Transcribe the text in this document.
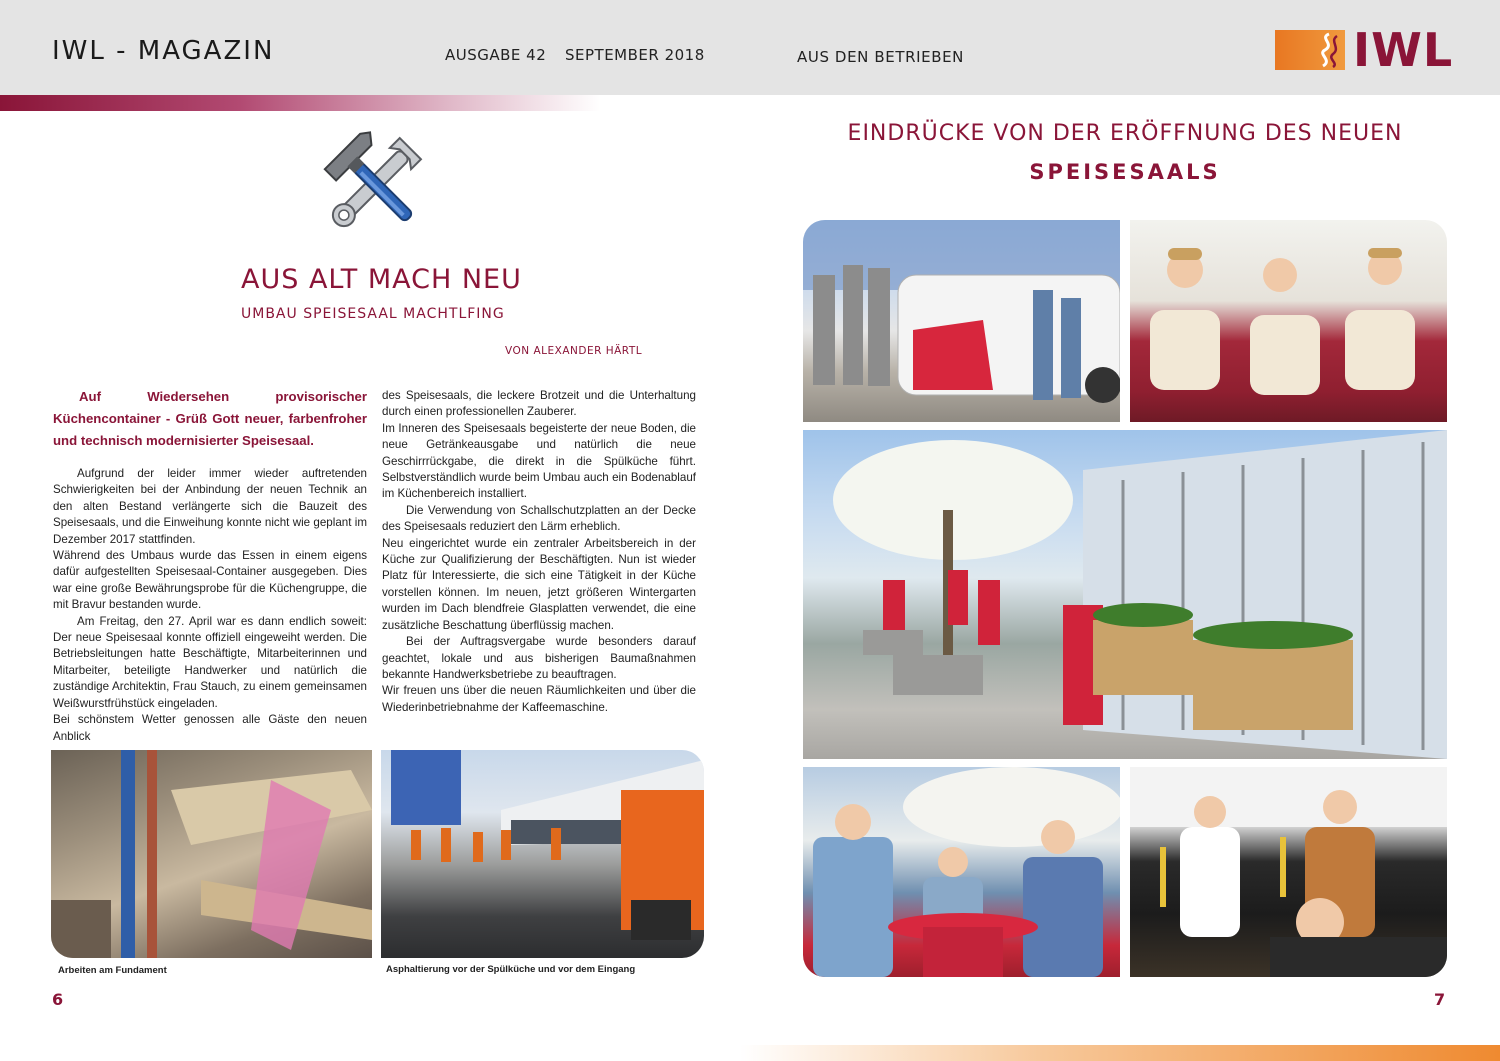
IWL - MAGAZIN	AUSGABE 42 SEPTEMBER 2018	AUS DEN BETRIEBEN	IWL
AUS ALT MACH NEU
UMBAU SPEISESAAL MACHTLFING
VON ALEXANDER HÄRTL
Auf Wiedersehen provisorischer Küchencontainer - Grüß Gott neuer, farbenfroher und technisch modernisierter Speisesaal.

Aufgrund der leider immer wieder auftretenden Schwierigkeiten bei der Anbindung der neuen Technik an den alten Bestand verlängerte sich die Bauzeit des Speisesaals, und die Einweihung konnte nicht wie geplant im Dezember 2017 stattfinden.

Während des Umbaus wurde das Essen in einem eigens dafür aufgestellten Speisesaal-Container ausgegeben. Dies war eine große Bewährungsprobe für die Küchengruppe, die mit Bravur bestanden wurde.

Am Freitag, den 27. April war es dann endlich soweit: Der neue Speisesaal konnte offiziell eingeweiht werden. Die Betriebsleitungen hatte Beschäftigte, Mitarbeiterinnen und Mitarbeiter, beteiligte Handwerker und natürlich die zuständige Architektin, Frau Stauch, zu einem gemeinsamen Weißwurstfrühstück eingeladen.

Bei schönstem Wetter genossen alle Gäste den neuen Anblick

des Speisesaals, die leckere Brotzeit und die Unterhaltung durch einen professionellen Zauberer.

Im Inneren des Speisesaals begeisterte der neue Boden, die neue Getränkeausgabe und natürlich die neue Geschirrrückgabe, die direkt in die Spülküche führt. Selbstverständlich wurde beim Umbau auch ein Bodenablauf im Küchenbereich installiert.

Die Verwendung von Schallschutzplatten an der Decke des Speisesaals reduziert den Lärm erheblich.

Neu eingerichtet wurde ein zentraler Arbeitsbereich in der Küche zur Qualifizierung der Beschäftigten. Nun ist wieder Platz für Interessierte, die sich eine Tätigkeit in der Küche vorstellen können. Im neuen, jetzt größeren Wintergarten wurden im Dach blendfreie Glasplatten verwendet, die eine zusätzliche Beschattung überflüssig machen.

Bei der Auftragsvergabe wurde besonders darauf geachtet, lokale und aus bisherigen Baumaßnahmen bekannte Handwerksbetriebe zu beauftragen.

Wir freuen uns über die neuen Räumlichkeiten und über die Wiederinbetriebnahme der Kaffeemaschine.

Arbeiten am Fundament	Asphaltierung vor der Spülküche und vor dem Eingang
6
EINDRÜCKE VON DER ERÖFFNUNG DES NEUEN
SPEISESAALS
7
